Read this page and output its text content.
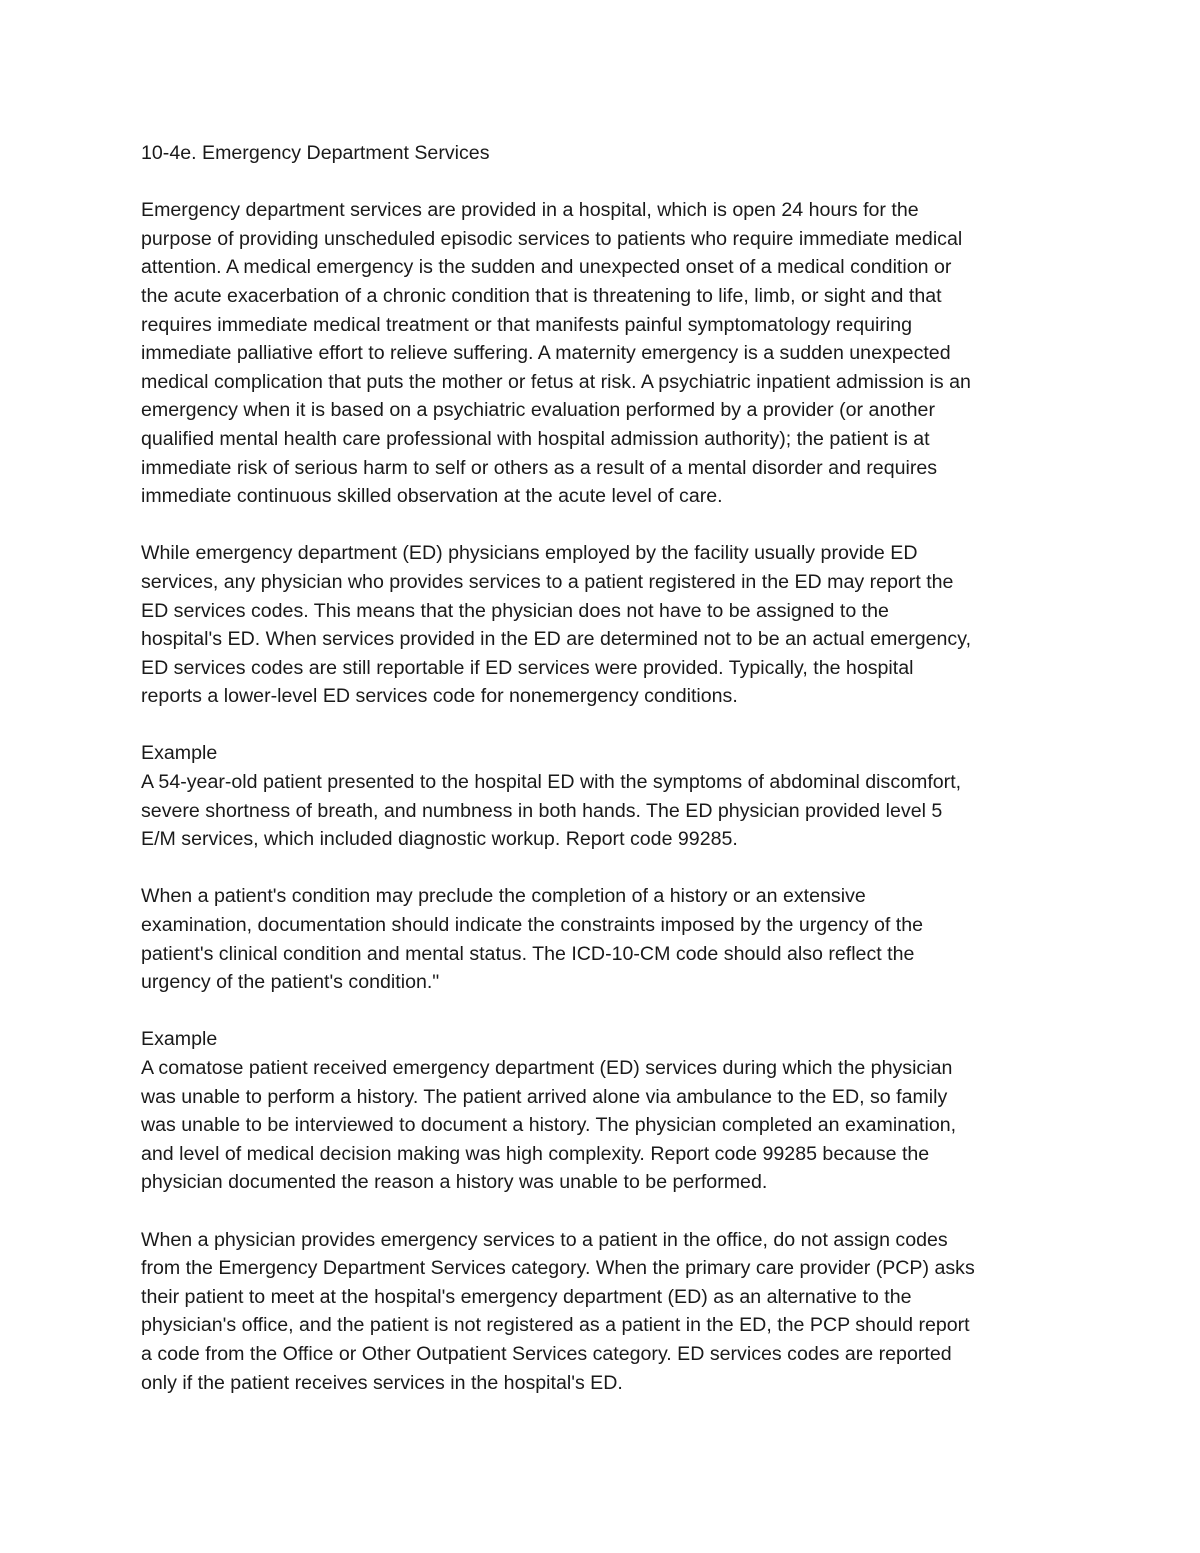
10-4e. Emergency Department Services

Emergency department services are provided in a hospital, which is open 24 hours for the
purpose of providing unscheduled episodic services to patients who require immediate medical
attention. A medical emergency is the sudden and unexpected onset of a medical condition or
the acute exacerbation of a chronic condition that is threatening to life, limb, or sight and that
requires immediate medical treatment or that manifests painful symptomatology requiring
immediate palliative effort to relieve suffering. A maternity emergency is a sudden unexpected
medical complication that puts the mother or fetus at risk. A psychiatric inpatient admission is an
emergency when it is based on a psychiatric evaluation performed by a provider (or another
qualified mental health care professional with hospital admission authority); the patient is at
immediate risk of serious harm to self or others as a result of a mental disorder and requires
immediate continuous skilled observation at the acute level of care.

While emergency department (ED) physicians employed by the facility usually provide ED
services, any physician who provides services to a patient registered in the ED may report the
ED services codes. This means that the physician does not have to be assigned to the
hospital's ED. When services provided in the ED are determined not to be an actual emergency,
ED services codes are still reportable if ED services were provided. Typically, the hospital
reports a lower-level ED services code for nonemergency conditions.

Example
A 54-year-old patient presented to the hospital ED with the symptoms of abdominal discomfort,
severe shortness of breath, and numbness in both hands. The ED physician provided level 5
E/M services, which included diagnostic workup. Report code 99285.

When a patient's condition may preclude the completion of a history or an extensive
examination, documentation should indicate the constraints imposed by the urgency of the
patient's clinical condition and mental status. The ICD-10-CM code should also reflect the
urgency of the patient's condition."

Example
A comatose patient received emergency department (ED) services during which the physician
was unable to perform a history. The patient arrived alone via ambulance to the ED, so family
was unable to be interviewed to document a history. The physician completed an examination,
and level of medical decision making was high complexity. Report code 99285 because the
physician documented the reason a history was unable to be performed.

When a physician provides emergency services to a patient in the office, do not assign codes
from the Emergency Department Services category. When the primary care provider (PCP) asks
their patient to meet at the hospital's emergency department (ED) as an alternative to the
physician's office, and the patient is not registered as a patient in the ED, the PCP should report
a code from the Office or Other Outpatient Services category. ED services codes are reported
only if the patient receives services in the hospital's ED.
